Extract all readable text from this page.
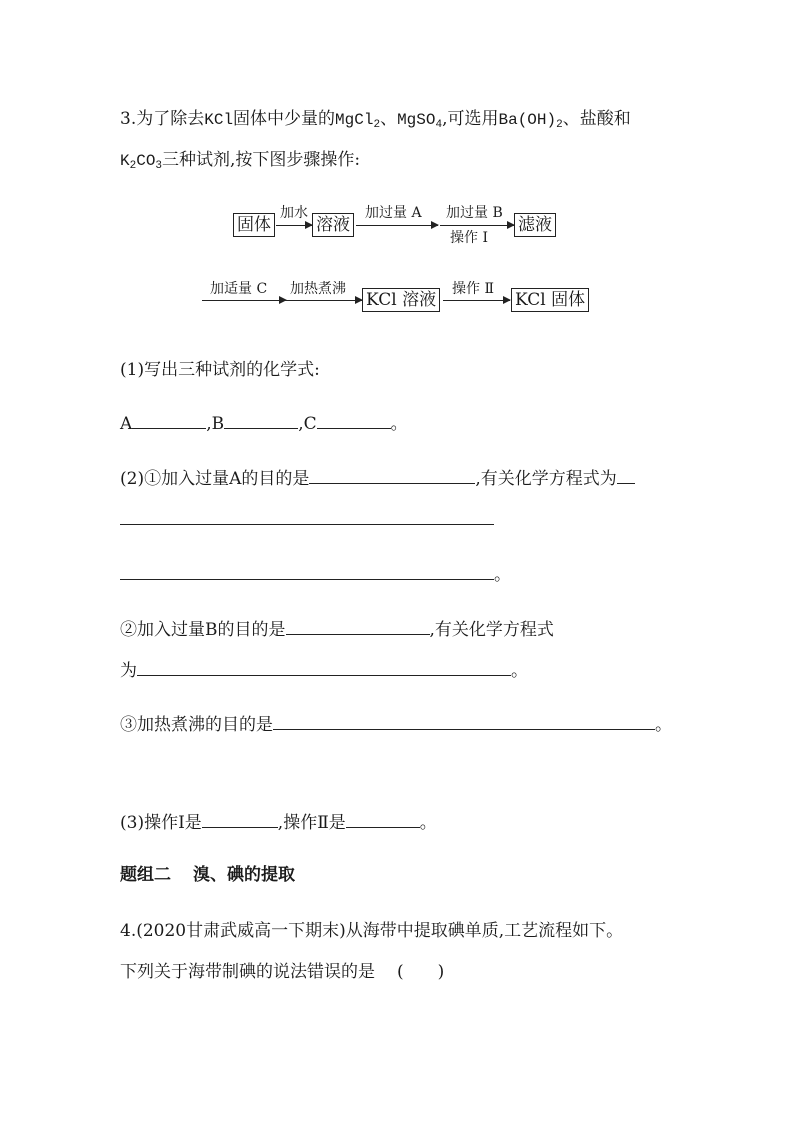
3.为了除去KCl固体中少量的MgCl$_2$、MgSO$_4$,可选用$Ba(OH)_2$、盐酸和
$K_2CO_3$三种试剂,按下图步骤操作:
固体
加水
溶液
加过量 A 加过量 B
操作 Ⅰ
滤液
加适量 C 加热煮沸
KCl 溶液
操作 Ⅱ
KCl 固体
(1)写出三种试剂的化学式:
A	,B	,C	。
(2)①加入过量A的目的是	,有关化学方程式为
。
②加入过量B的目的是	,有关化学方程式
为	。
③加热煮沸的目的是	。
(3)操作Ⅰ是	,操作Ⅱ是	。
题组二 溴、碘的提取
4.(2020甘肃武威高一下期末)从海带中提取碘单质,工艺流程如下。
下列关于海带制碘的说法错误的是 (　　)
